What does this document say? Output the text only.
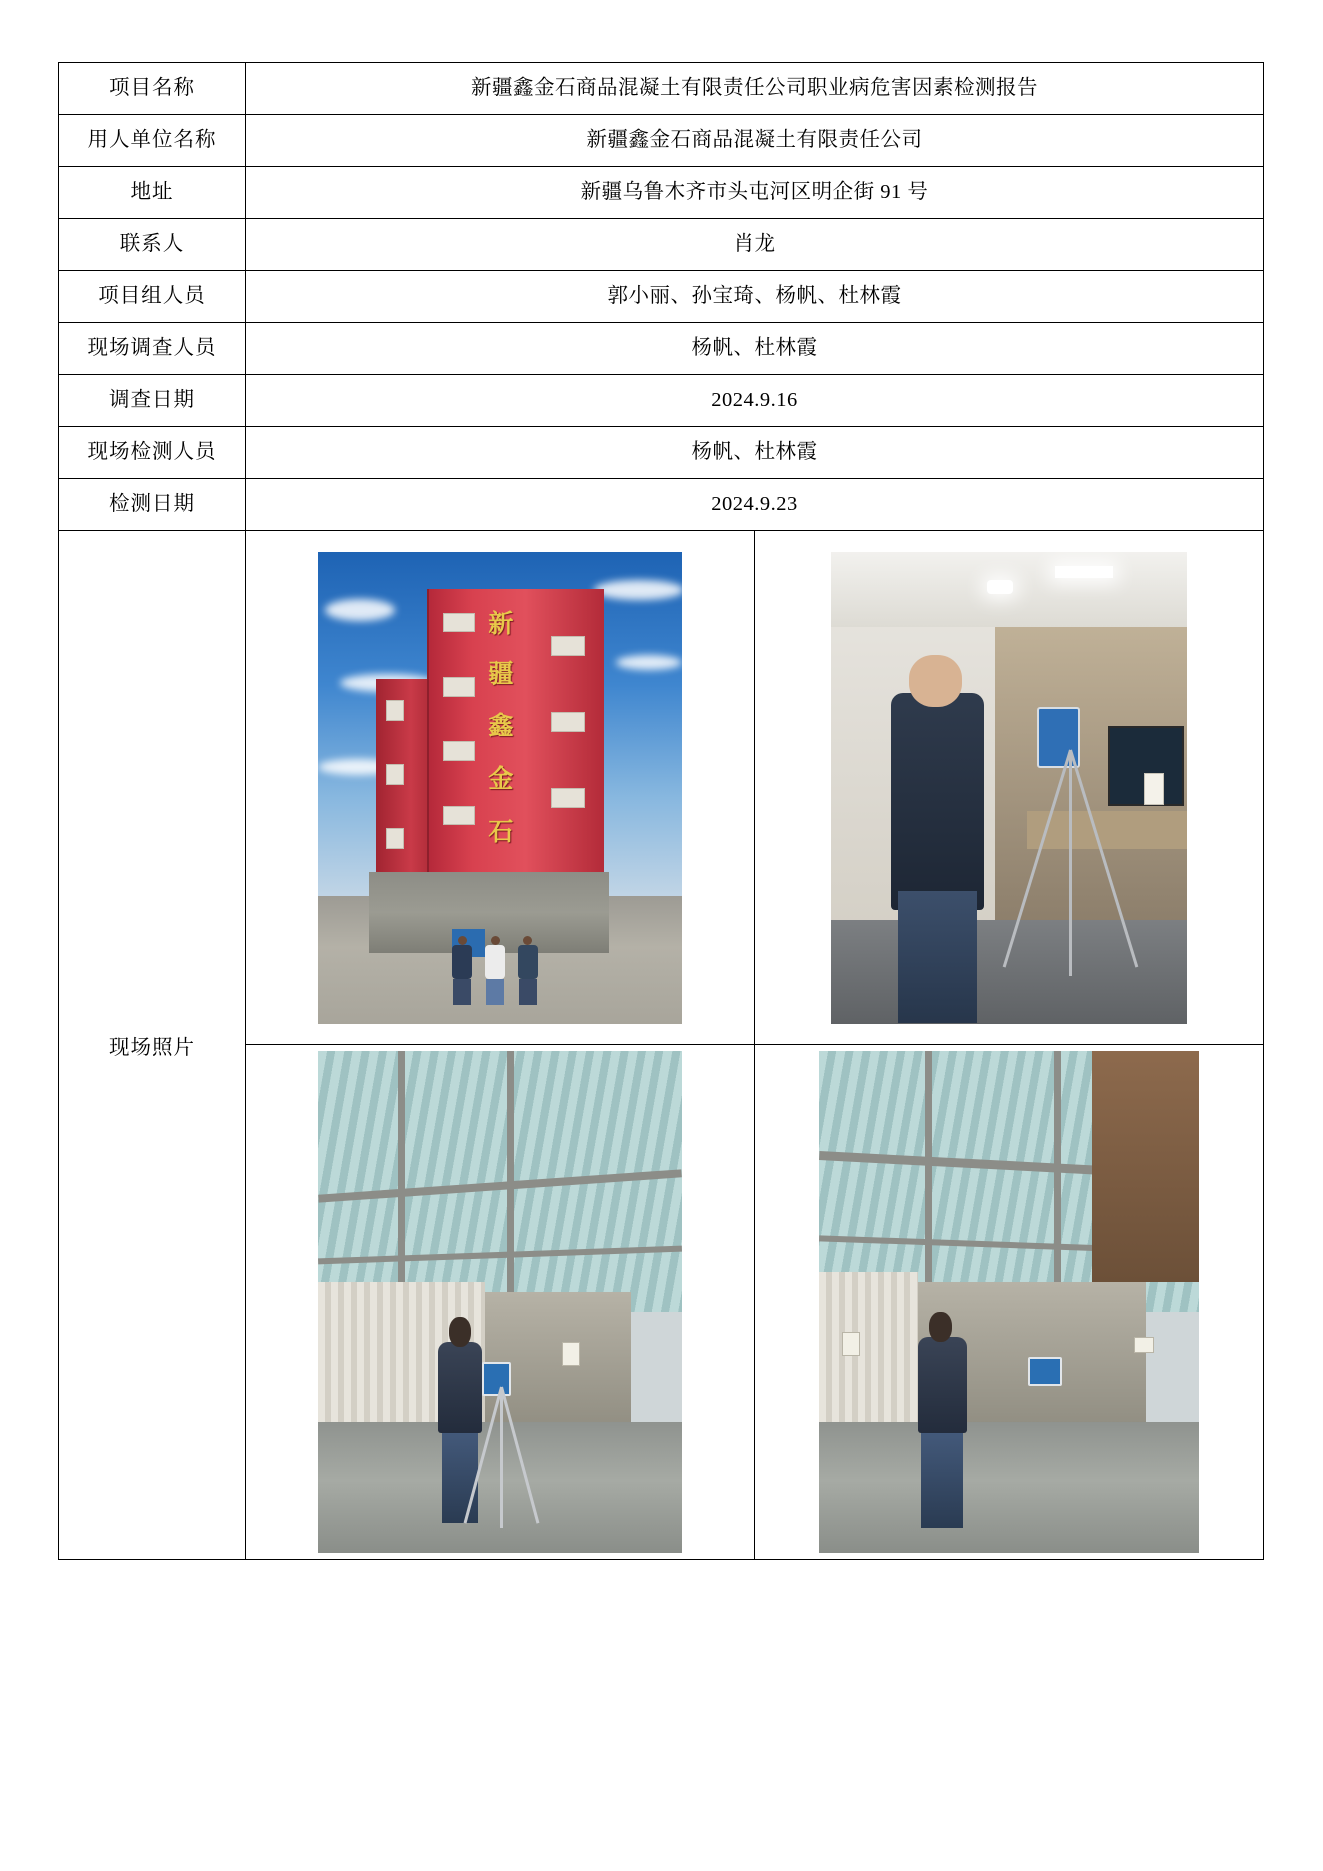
项目名称	新疆鑫金石商品混凝土有限责任公司职业病危害因素检测报告
用人单位名称	新疆鑫金石商品混凝土有限责任公司
地址	新疆乌鲁木齐市头屯河区明企街 91 号
联系人	肖龙
项目组人员	郭小丽、孙宝琦、杨帆、杜林霞
现场调查人员	杨帆、杜林霞
调查日期	2024.9.16
现场检测人员	杨帆、杜林霞
检测日期	2024.9.23
现场照片	新
疆
鑫
金
石
